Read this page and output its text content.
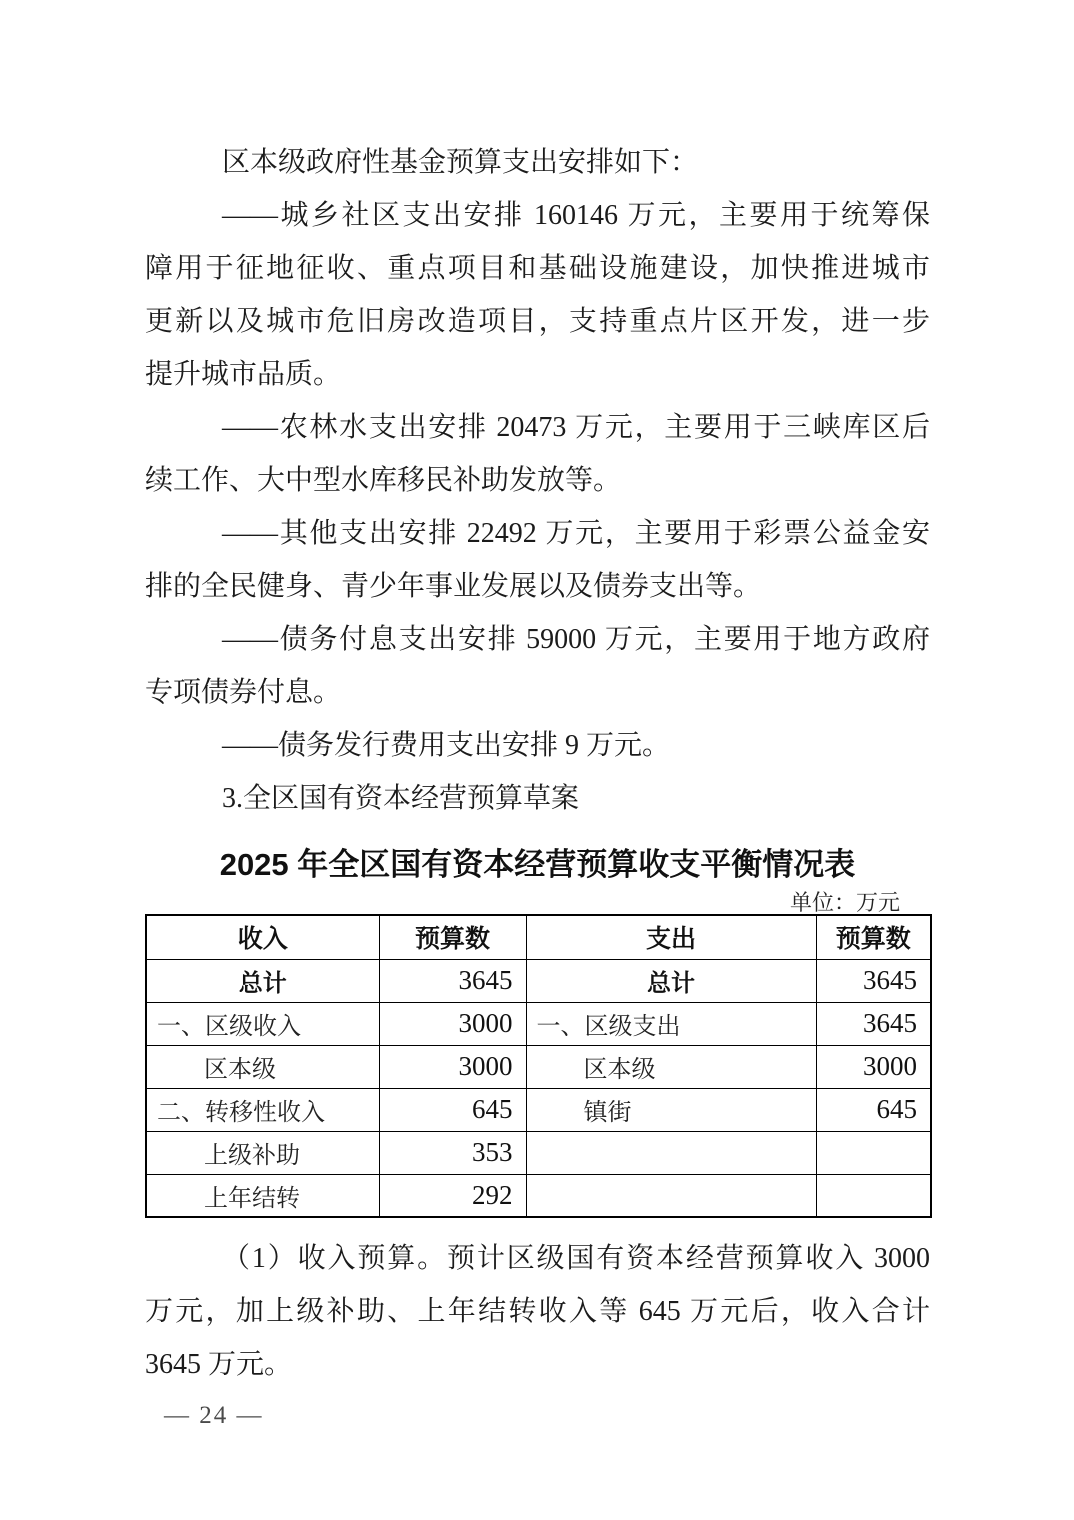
区本级政府性基金预算支出安排如下：
——城乡社区支出安排 160146 万元，主要用于统筹保
障用于征地征收、重点项目和基础设施建设，加快推进城市
更新以及城市危旧房改造项目，支持重点片区开发，进一步
提升城市品质。
——农林水支出安排 20473 万元，主要用于三峡库区后
续工作、大中型水库移民补助发放等。
——其他支出安排 22492 万元，主要用于彩票公益金安
排的全民健身、青少年事业发展以及债券支出等。
——债务付息支出安排 59000 万元，主要用于地方政府
专项债券付息。
——债务发行费用支出安排 9 万元。
3.全区国有资本经营预算草案
2025 年全区国有资本经营预算收支平衡情况表
单位：万元
收入	预算数	支出	预算数
总计	3645	总计	3645
一、区级收入	3000	一、区级支出	3645
区本级	3000	区本级	3000
二、转移性收入	645	镇街	645
上级补助	353		
上年结转	292		
（1）收入预算。预计区级国有资本经营预算收入 3000
万元，加上级补助、上年结转收入等 645 万元后，收入合计
3645 万元。
— 24 —
